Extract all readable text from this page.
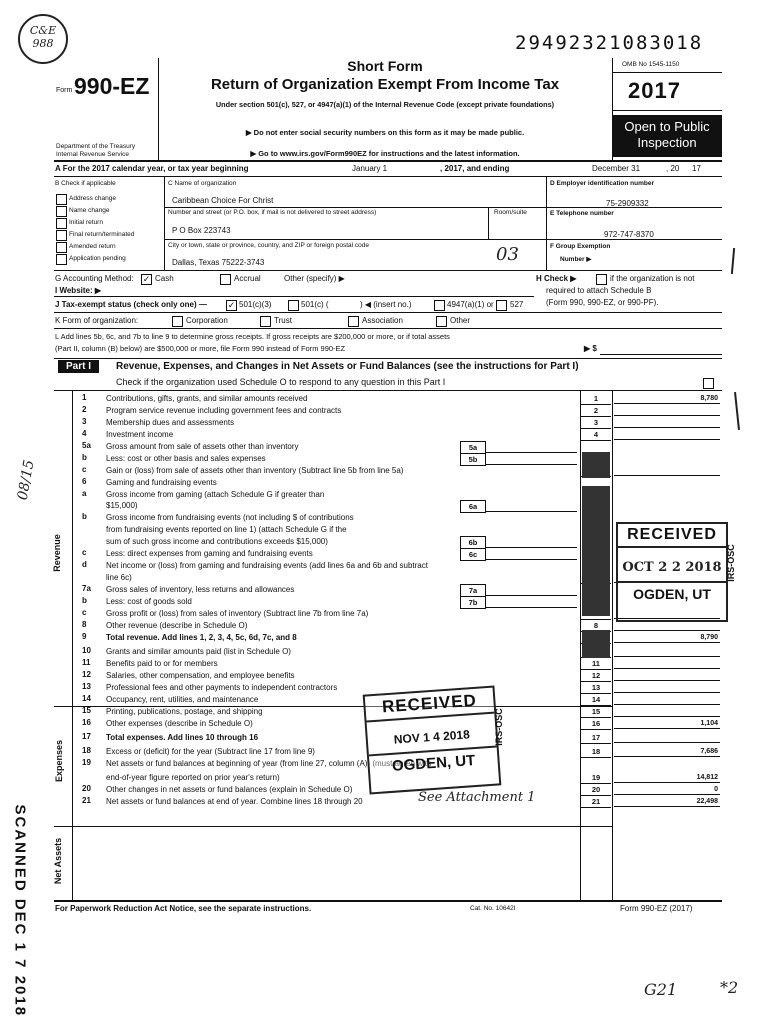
C&E
988	29492321083018
Form 990-EZ
Department of the Treasury
Internal Revenue Service
Short Form
Return of Organization Exempt From Income Tax
Under section 501(c), 527, or 4947(a)(1) of the Internal Revenue Code (except private foundations)
▶ Do not enter social security numbers on this form as it may be made public.
▶ Go to www.irs.gov/Form990EZ for instructions and the latest information.
OMB No 1545-1150
2017
Open to Public Inspection
A For the 2017 calendar year, or tax year beginning	January 1	, 2017, and ending	December 31	, 20 17
B Check if applicable
Address change
Name change
Initial return
Final return/terminated
Amended return
Application pending
C Name of organization
Caribbean Choice For Christ
Number and street (or P.O. box, if mail is not delivered to street address)	Room/suite
P O Box 223743
City or town, state or province, country, and ZIP or foreign postal code
Dallas, Texas 75222-3743	03
D Employer identification number
75-2909332
E Telephone number
972-747-8370
F Group Exemption
Number ▶
G Accounting Method: ✓ Cash	Accrual	Other (specify) ▶	H Check ▶	if the organization is not
required to attach Schedule B
(Form 990, 990-EZ, or 990-PF).
I Website: ▶
J Tax-exempt status (check only one) — ✓ 501(c)(3)	501(c) (	) ◀ (insert no.)	4947(a)(1) or 527
K Form of organization:	Corporation	Trust	Association	Other
L Add lines 5b, 6c, and 7b to line 9 to determine gross receipts. If gross receipts are $200,000 or more, or if total assets
(Part II, column (B) below) are $500,000 or more, file Form 990 instead of Form 990-EZ	▶ $
Part I	Revenue, Expenses, and Changes in Net Assets or Fund Balances (see the instructions for Part I)
Check if the organization used Schedule O to respond to any question in this Part I
Revenue
Expenses
Net Assets
1 Contributions, gifts, grants, and similar amounts received	1	8,780
2 Program service revenue including government fees and contracts	2
3 Membership dues and assessments	3
4 Investment income	4
5a Gross amount from sale of assets other than inventory	5a
b Less: cost or other basis and sales expenses	5b
c Gain or (loss) from sale of assets other than inventory (Subtract line 5b from line 5a)
6 Gaming and fundraising events
a Gross income from gaming (attach Schedule G if greater than
$15,000)	6a
b Gross income from fundraising events (not including $ of contributions
from fundraising events reported on line 1) (attach Schedule G if the
sum of such gross income and contributions exceeds $15,000)	6b
c Less: direct expenses from gaming and fundraising events	6c
d Net income or (loss) from gaming and fundraising events (add lines 6a and 6b and subtract
line 6c)
7a Gross sales of inventory, less returns and allowances	7a
b Less: cost of goods sold	7b
c Gross profit or (loss) from sales of inventory (Subtract line 7b from line 7a)
8 Other revenue (describe in Schedule O)	8
9 Total revenue. Add lines 1, 2, 3, 4, 5c, 6d, 7c, and 8	8,790
10 Grants and similar amounts paid (list in Schedule O)
11 Benefits paid to or for members	11
12 Salaries, other compensation, and employee benefits	12
13 Professional fees and other payments to independent contractors	13
14 Occupancy, rent, utilities, and maintenance	14
15 Printing, publications, postage, and shipping	15
16 Other expenses (describe in Schedule O)	16	1,104
17 Total expenses. Add lines 10 through 16	17
18 Excess or (deficit) for the year (Subtract line 17 from line 9)	18	7,686
19 Net assets or fund balances at beginning of year (from line 27, column (A)) (must agree with
end-of-year figure reported on prior year's return)	19	14,812
20 Other changes in net assets or fund balances (explain in Schedule O)	20	0
21 Net assets or fund balances at end of year. Combine lines 18 through 20	21	22,498
RECEIVED
OCT 2 2 2018
OGDEN, UT
IRS-OSC
RECEIVED
NOV 1 4 2018
OGDEN, UT
IRS-OSC
08/15
See Attachment 1
G21	*2
SCANNED DEC 1 7 2018	For Paperwork Reduction Act Notice, see the separate instructions.	Cat. No. 10642I	Form 990-EZ (2017)
